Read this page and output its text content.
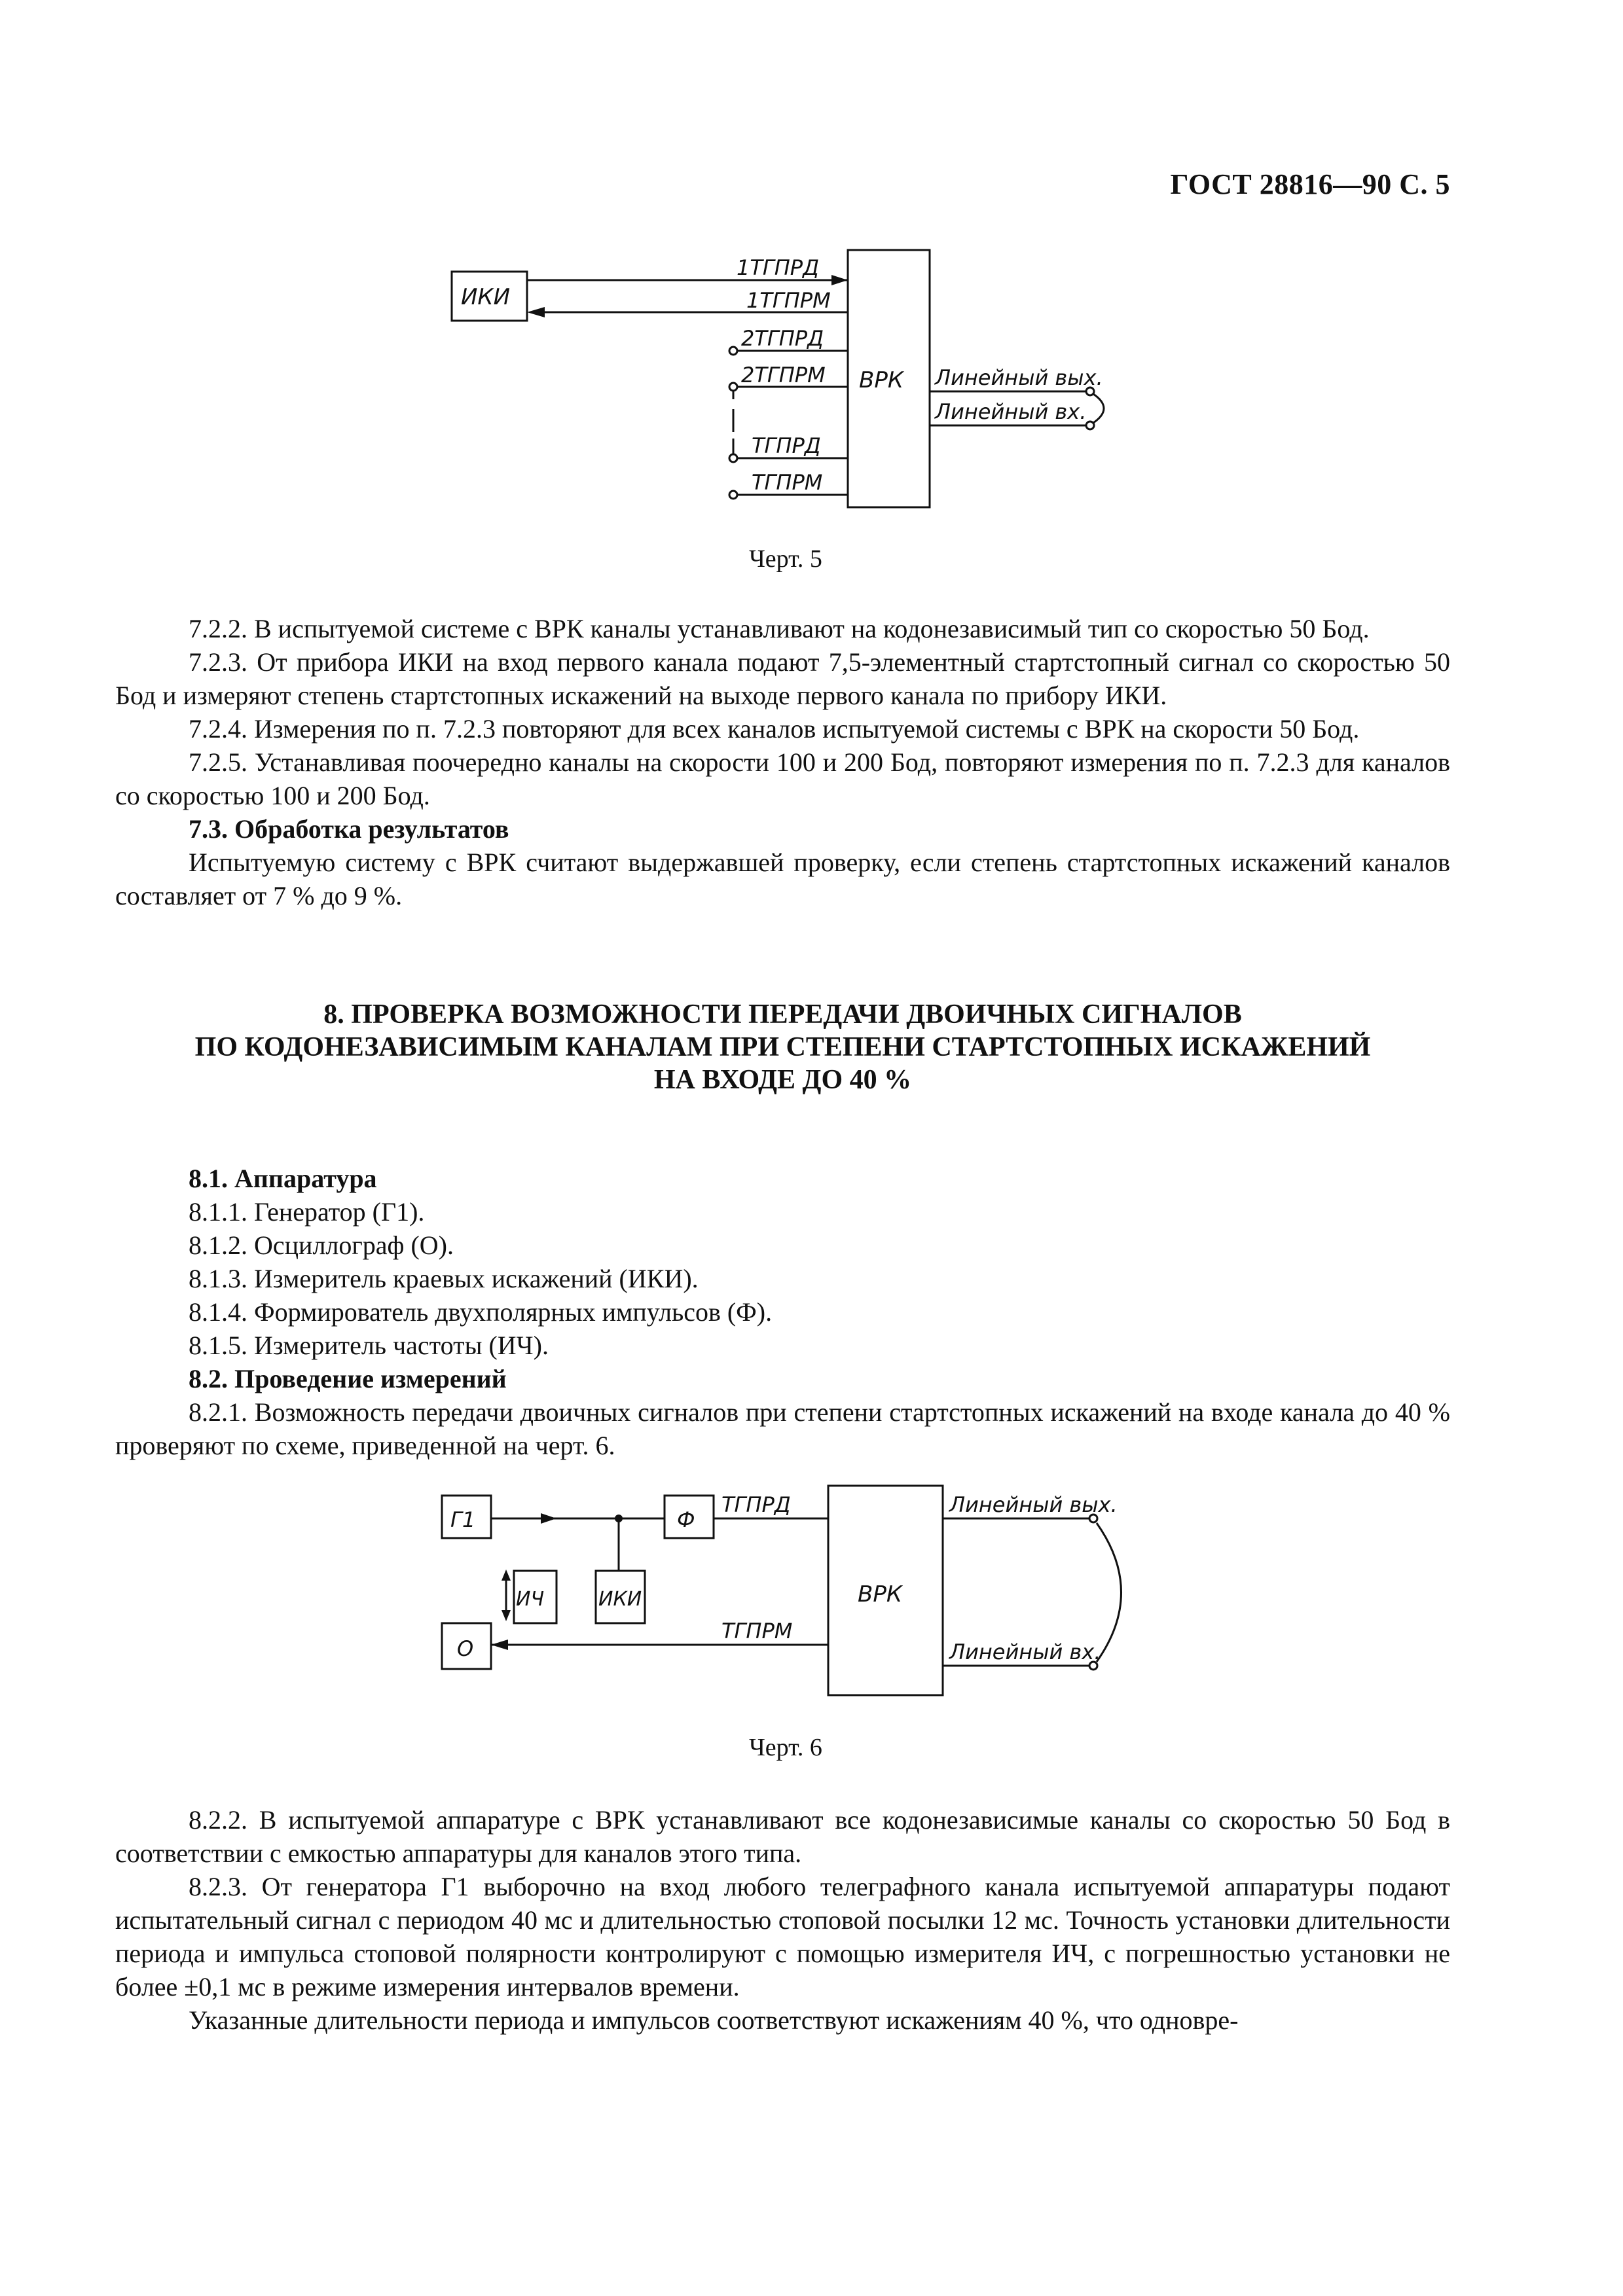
ГОСТ 28816—90 С. 5
ИКИ
ВРК
1ТГПРД
1ТГПРМ
2ТГПРД
2ТГПРМ
ТГПРД
ТГПРМ
Линейный вых.
Линейный вх.
Черт. 5

7.2.2. В испытуемой системе с ВРК каналы устанавливают на кодонезависимый тип со скоростью 50 Бод.

7.2.3. От прибора ИКИ на вход первого канала подают 7,5-элементный стартстопный сигнал со скоростью 50 Бод и измеряют степень стартстопных искажений на выходе первого канала по прибору ИКИ.

7.2.4. Измерения по п. 7.2.3 повторяют для всех каналов испытуемой системы с ВРК на скорости 50 Бод.

7.2.5. Устанавливая поочередно каналы на скорости 100 и 200 Бод, повторяют измерения по п. 7.2.3 для каналов со скоростью 100 и 200 Бод.

7.3. Обработка результатов

Испытуемую систему с ВРК считают выдержавшей проверку, если степень стартстопных искажений каналов составляет от 7 % до 9 %.

8. ПРОВЕРКА ВОЗМОЖНОСТИ ПЕРЕДАЧИ ДВОИЧНЫХ СИГНАЛОВ
ПО КОДОНЕЗАВИСИМЫМ КАНАЛАМ ПРИ СТЕПЕНИ СТАРТСТОПНЫХ ИСКАЖЕНИЙ
НА ВХОДЕ ДО 40 %

8.1. Аппаратура

8.1.1. Генератор (Г1).

8.1.2. Осциллограф (О).

8.1.3. Измеритель краевых искажений (ИКИ).

8.1.4. Формирователь двухполярных импульсов (Ф).

8.1.5. Измеритель частоты (ИЧ).

8.2. Проведение измерений

8.2.1. Возможность передачи двоичных сигналов при степени стартстопных искажений на входе канала до 40 % проверяют по схеме, приведенной на черт. 6.

Г1	Ф
ИЧ	ИКИ
О
ВРК
ТГПРД
ТГПРМ
Линейный вых.
Линейный вх.
Черт. 6

8.2.2. В испытуемой аппаратуре с ВРК устанавливают все кодонезависимые каналы со скоростью 50 Бод в соответствии с емкостью аппаратуры для каналов этого типа.

8.2.3. От генератора Г1 выборочно на вход любого телеграфного канала испытуемой аппаратуры подают испытательный сигнал с периодом 40 мс и длительностью стоповой посылки 12 мс. Точность установки длительности периода и импульса стоповой полярности контролируют с помощью измерителя ИЧ, с погрешностью установки не более ±0,1 мс в режиме измерения интервалов времени.

Указанные длительности периода и импульсов соответствуют искажениям 40 %, что одновре-
